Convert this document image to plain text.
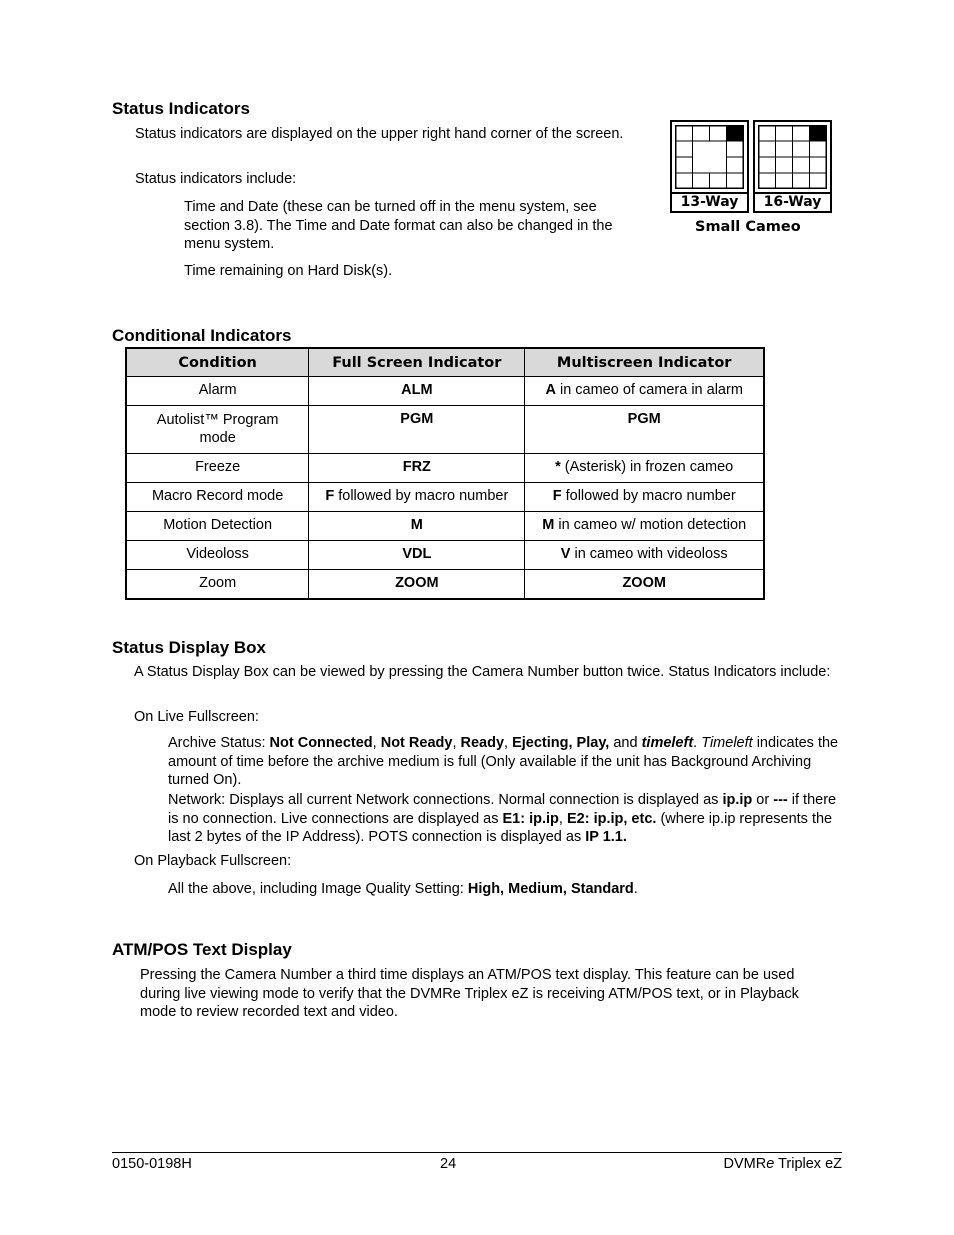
Status Indicators
Status indicators are displayed on the upper right hand corner of the screen.
Status indicators include:
Time and Date (these can be turned off in the menu system, see section 3.8). The Time and Date format can also be changed in the menu system.
Time remaining on Hard Disk(s).
13-Way	16-Way
Small Cameo
Conditional Indicators
Condition	Full Screen Indicator	Multiscreen Indicator
Alarm	ALM	A in cameo of camera in alarm
Autolist™ Program mode	PGM	PGM
Freeze	FRZ	* (Asterisk) in frozen cameo
Macro Record mode	F followed by macro number	F followed by macro number
Motion Detection	M	M in cameo w/ motion detection
Videoloss	VDL	V in cameo with videoloss
Zoom	ZOOM	ZOOM
Status Display Box
A Status Display Box can be viewed by pressing the Camera Number button twice. Status Indicators include:
On Live Fullscreen:
Archive Status: Not Connected, Not Ready, Ready, Ejecting, Play, and timeleft. Timeleft indicates the amount of time before the archive medium is full (Only available if the unit has Background Archiving turned On).
Network: Displays all current Network connections. Normal connection is displayed as ip.ip or --- if there is no connection. Live connections are displayed as E1: ip.ip, E2: ip.ip, etc. (where ip.ip represents the last 2 bytes of the IP Address). POTS connection is displayed as IP 1.1.
On Playback Fullscreen:
All the above, including Image Quality Setting: High, Medium, Standard.
ATM/POS Text Display
Pressing the Camera Number a third time displays an ATM/POS text display. This feature can be used during live viewing mode to verify that the DVMRe Triplex eZ is receiving ATM/POS text, or in Playback mode to review recorded text and video.
0150-0198H	24	DVMRe Triplex eZ
